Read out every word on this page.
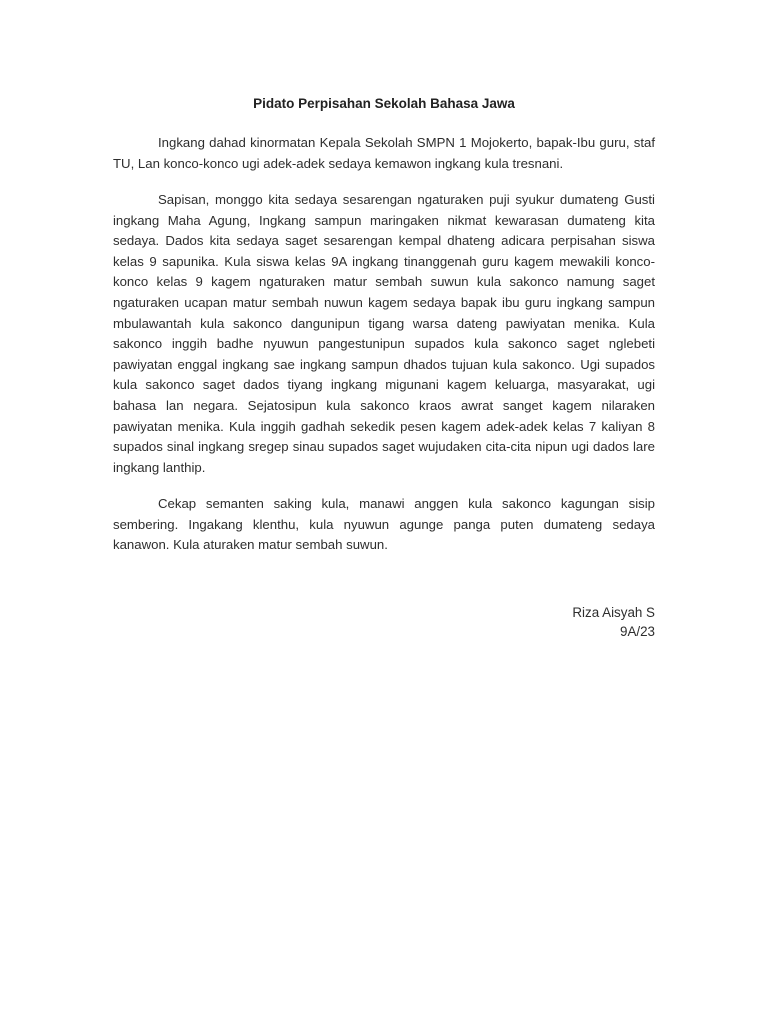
Pidato Perpisahan Sekolah Bahasa Jawa

Ingkang dahad kinormatan Kepala Sekolah SMPN 1 Mojokerto, bapak-Ibu guru, staf TU, Lan konco-konco ugi adek-adek sedaya kemawon ingkang kula tresnani.

Sapisan, monggo kita sedaya sesarengan ngaturaken puji syukur dumateng Gusti ingkang Maha Agung, Ingkang sampun maringaken nikmat kewarasan dumateng kita sedaya. Dados kita sedaya saget sesarengan kempal dhateng adicara perpisahan siswa kelas 9 sapunika. Kula siswa kelas 9A ingkang tinanggenah guru kagem mewakili konco-konco kelas 9 kagem ngaturaken matur sembah suwun kula sakonco namung saget ngaturaken ucapan matur sembah nuwun kagem sedaya bapak ibu guru ingkang sampun mbulawantah kula sakonco dangunipun tigang warsa dateng pawiyatan menika. Kula sakonco inggih badhe nyuwun pangestunipun supados kula sakonco saget nglebeti pawiyatan enggal ingkang sae ingkang sampun dhados tujuan kula sakonco. Ugi supados kula sakonco saget dados tiyang ingkang migunani kagem keluarga, masyarakat, ugi bahasa lan negara. Sejatosipun kula sakonco kraos awrat sanget kagem nilaraken pawiyatan menika. Kula inggih gadhah sekedik pesen kagem adek-adek kelas 7 kaliyan 8 supados sinal ingkang sregep sinau supados saget wujudaken cita-cita nipun ugi dados lare ingkang lanthip.

Cekap semanten saking kula, manawi anggen kula sakonco kagungan sisip sembering. Ingakang klenthu, kula nyuwun agunge panga puten dumateng sedaya kanawon. Kula aturaken matur sembah suwun.

Riza Aisyah S
9A/23
